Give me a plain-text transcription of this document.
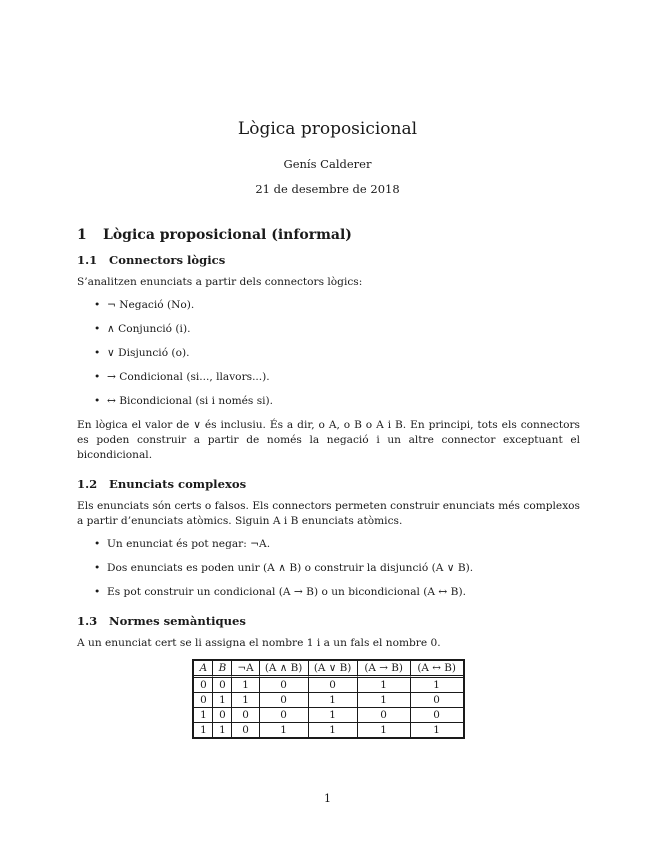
Lògica proposicional
Genís Calderer
21 de desembre de 2018
1 Lògica proposicional (informal)
1.1 Connectors lògics

S’analitzen enunciats a partir dels connectors lògics:

• ¬ Negació (No).
• ∧ Conjunció (i).
• ∨ Disjunció (o).
• → Condicional (si..., llavors...).
• ↔ Bicondicional (si i només si).

En lògica el valor de ∨ és inclusiu. És a dir, o A, o B o A i B. En principi, tots els connectors es poden construir a partir de només la negació i un altre connector exceptuant el bicondicional.

1.2 Enunciats complexos

Els enunciats són certs o falsos. Els connectors permeten construir enunciats més complexos a partir d’enunciats atòmics. Siguin A i B enunciats atòmics.

• Un enunciat és pot negar: ¬A.
• Dos enunciats es poden unir (A ∧ B) o construir la disjunció (A ∨ B).
• Es pot construir un condicional (A → B) o un bicondicional (A ↔ B).
1.3 Normes semàntiques

A un enunciat cert se li assigna el nombre 1 i a un fals el nombre 0.

A	B	¬A	(A ∧ B)	(A ∨ B)	(A → B)	(A ↔ B)
0	0	1	0	0	1	1
0	1	1	0	1	1	0
1	0	0	0	1	0	0
1	1	0	1	1	1	1
1
